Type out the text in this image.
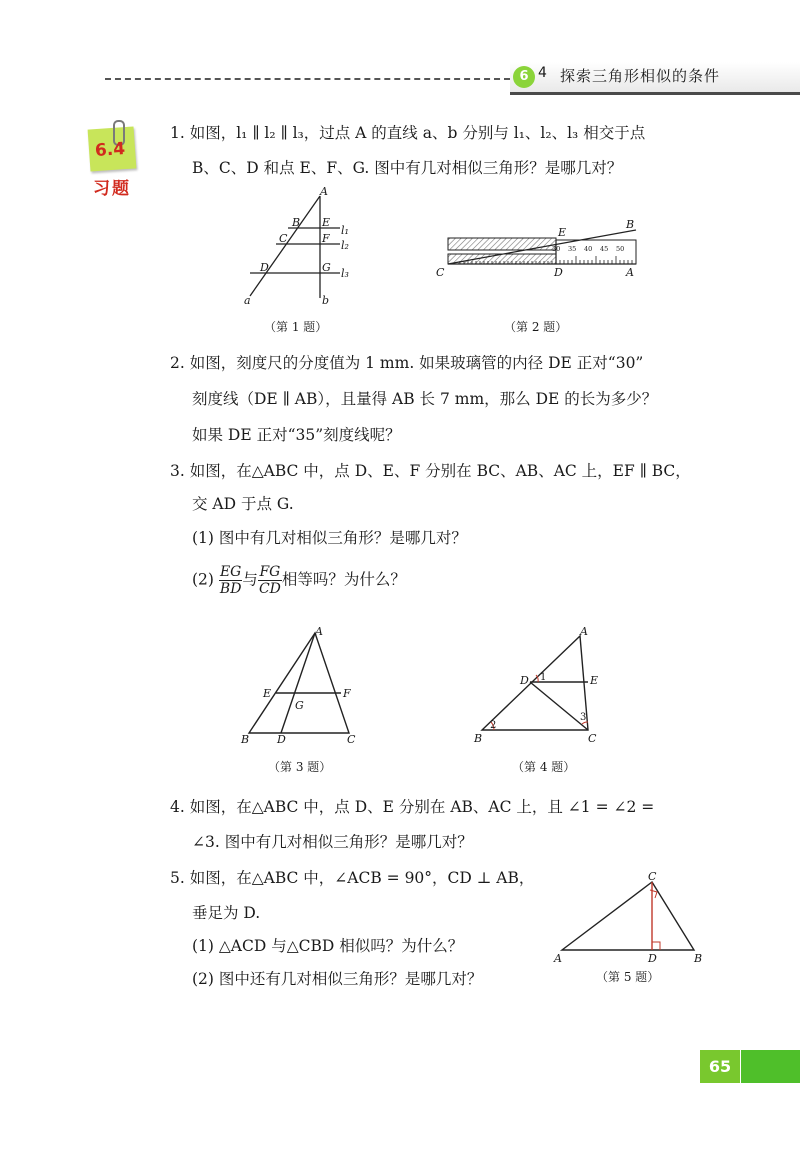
6 4 探索三角形相似的条件
6.4
习题
1. 如图，l₁ ∥ l₂ ∥ l₃，过点 A 的直线 a、b 分别与 l₁、l₂、l₃ 相交于点
B、C、D 和点 E、F、G. 图中有几对相似三角形？是哪几对？
A
B
C
D
E
F
G
a	b
l₁
l₂
l₃
（第 1 题）
C	D	A
E
B
30 35 40 45 50
（第 2 题）
2. 如图，刻度尺的分度值为 1 mm. 如果玻璃管的内径 DE 正对“30”
刻度线（DE ∥ AB），且量得 AB 长 7 mm，那么 DE 的长为多少？
如果 DE 正对“35”刻度线呢？
3. 如图，在△ABC 中，点 D、E、F 分别在 BC、AB、AC 上，EF ∥ BC，
交 AD 于点 G.
(1) 图中有几对相似三角形？是哪几对？
$(2) \frac{EG}{BD}$ 与 $\frac{FG}{CD}$ 相等吗？为什么？
A
B	C
D
E	F
G
（第 3 题）
A
B	C
D	E
1
2
3
（第 4 题）
4. 如图，在△ABC 中，点 D、E 分别在 AB、AC 上，且 ∠1 = ∠2 =
∠3. 图中有几对相似三角形？是哪几对？
5. 如图，在△ABC 中，∠ACB = 90°，CD ⊥ AB，
垂足为 D.
(1) △ACD 与△CBD 相似吗？为什么？
(2) 图中还有几对相似三角形？是哪几对？
C
A	B
D
（第 5 题）
65
